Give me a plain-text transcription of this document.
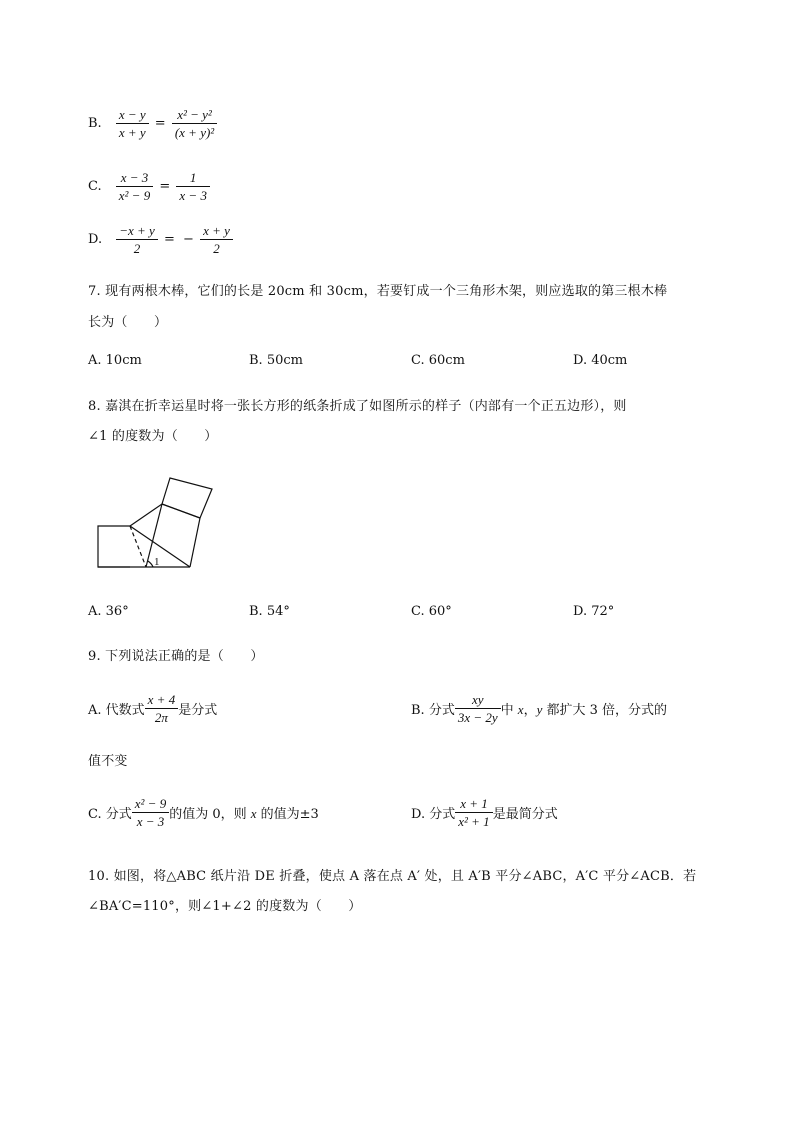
B. $\frac{x - y}{x + y} = \frac{\text{x² − y²}}{\text{(x + y)²}}$
C. $\frac{x - 3}{\text{x² − 9}} = \frac{1}{x - 3}$
D. $\frac{-x + y}{2}$ = − $\frac{x + y}{2}$
7. 现有两根木棒，它们的长是 20cm 和 30cm，若要钉成一个三角形木架，则应选取的第三根木棒
长为（　　）
A. 10cm	B. 50cm	C. 60cm	D. 40cm
8. 嘉淇在折幸运星时将一张长方形的纸条折成了如图所示的样子（内部有一个正五边形），则
∠1 的度数为（　　）
1
A. 36°	B. 54°	C. 60°	D. 72°
9. 下列说法正确的是（　　）
A. 代数式 $\frac{x + 4}{2\pi}$ 是分式	B. 分式 $\frac{xy}{3x - 2y}$ 中 x，y 都扩大 3 倍，分式的
值不变
C. 分式 $\frac{\text{x² − 9}}{x - 3}$ 的值为 0，则 x 的值为±3	D. 分式 $\frac{x + 1}{\text{x² + 1}}$ 是最简分式
10. 如图，将△ABC 纸片沿 DE 折叠，使点 A 落在点 A′ 处，且 A′B 平分∠ABC，A′C 平分∠ACB．若
∠BA′C=110°，则∠1+∠2 的度数为（　　）
